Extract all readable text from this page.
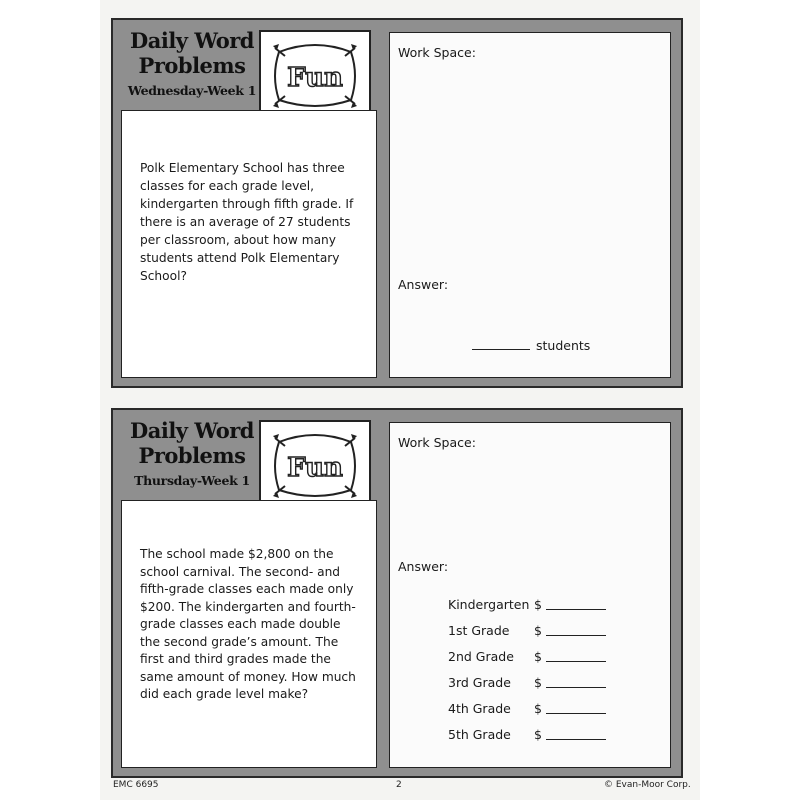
Daily Word
Problems
Wednesday-Week 1 Fun
Polk Elementary School has three classes for each grade level, kindergarten through fifth grade. If there is an average of 27 students per classroom, about how many students attend Polk Elementary School?
Work Space:
Answer:
students
Daily Word
Problems
Thursday-Week 1	Fun
The school made $2,800 on the school carnival. The second- and fifth-grade classes each made only $200. The kindergarten and fourth-grade classes each made double the second grade’s amount. The first and third grades made the same amount of money. How much did each grade level make?
Work Space:
Answer:
Kindergarten $
1st Grade $
2nd Grade $
3rd Grade $
4th Grade $
5th Grade $
EMC 6695	2	© Evan-Moor Corp.
